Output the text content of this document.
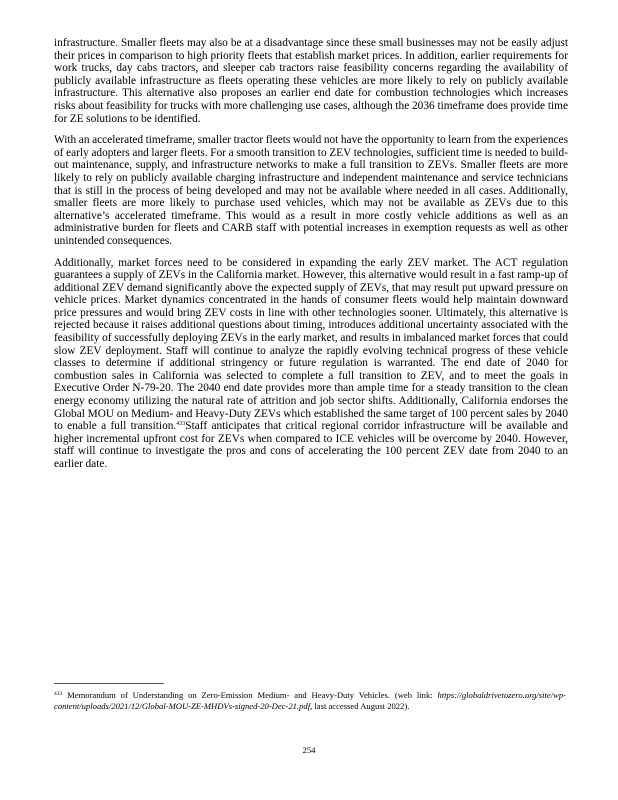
infrastructure. Smaller fleets may also be at a disadvantage since these small businesses may not be easily adjust their prices in comparison to high priority fleets that establish market prices. In addition, earlier requirements for work trucks, day cabs tractors, and sleeper cab tractors raise feasibility concerns regarding the availability of publicly available infrastructure as fleets operating these vehicles are more likely to rely on publicly available infrastructure. This alternative also proposes an earlier end date for combustion technologies which increases risks about feasibility for trucks with more challenging use cases, although the 2036 timeframe does provide time for ZE solutions to be identified.

With an accelerated timeframe, smaller tractor fleets would not have the opportunity to learn from the experiences of early adopters and larger fleets. For a smooth transition to ZEV technologies, sufficient time is needed to build-out maintenance, supply, and infrastructure networks to make a full transition to ZEVs. Smaller fleets are more likely to rely on publicly available charging infrastructure and independent maintenance and service technicians that is still in the process of being developed and may not be available where needed in all cases. Additionally, smaller fleets are more likely to purchase used vehicles, which may not be available as ZEVs due to this alternative’s accelerated timeframe. This would as a result in more costly vehicle additions as well as an administrative burden for fleets and CARB staff with potential increases in exemption requests as well as other unintended consequences.

Additionally, market forces need to be considered in expanding the early ZEV market. The ACT regulation guarantees a supply of ZEVs in the California market. However, this alternative would result in a fast ramp-up of additional ZEV demand significantly above the expected supply of ZEVs, that may result put upward pressure on vehicle prices. Market dynamics concentrated in the hands of consumer fleets would help maintain downward price pressures and would bring ZEV costs in line with other technologies sooner. Ultimately, this alternative is rejected because it raises additional questions about timing, introduces additional uncertainty associated with the feasibility of successfully deploying ZEVs in the early market, and results in imbalanced market forces that could slow ZEV deployment. Staff will continue to analyze the rapidly evolving technical progress of these vehicle classes to determine if additional stringency or future regulation is warranted. The end date of 2040 for combustion sales in California was selected to complete a full transition to ZEV, and to meet the goals in Executive Order N-79-20. The 2040 end date provides more than ample time for a steady transition to the clean energy economy utilizing the natural rate of attrition and job sector shifts. Additionally, California endorses the Global MOU on Medium- and Heavy-Duty ZEVs which established the same target of 100 percent sales by 2040 to enable a full transition.$^{433}$Staff anticipates that critical regional corridor infrastructure will be available and higher incremental upfront cost for ZEVs when compared to ICE vehicles will be overcome by 2040. However, staff will continue to investigate the pros and cons of accelerating the 100 percent ZEV date from 2040 to an earlier date.

$^{433}$ Memorandum of Understanding on Zero-Emission Medium- and Heavy-Duty Vehicles. (web link: https://globaldrivetozero.org/site/wp-content/uploads/2021/12/Global-MOU-ZE-MHDVs-signed-20-Dec-21.pdf, last accessed August 2022).
254
